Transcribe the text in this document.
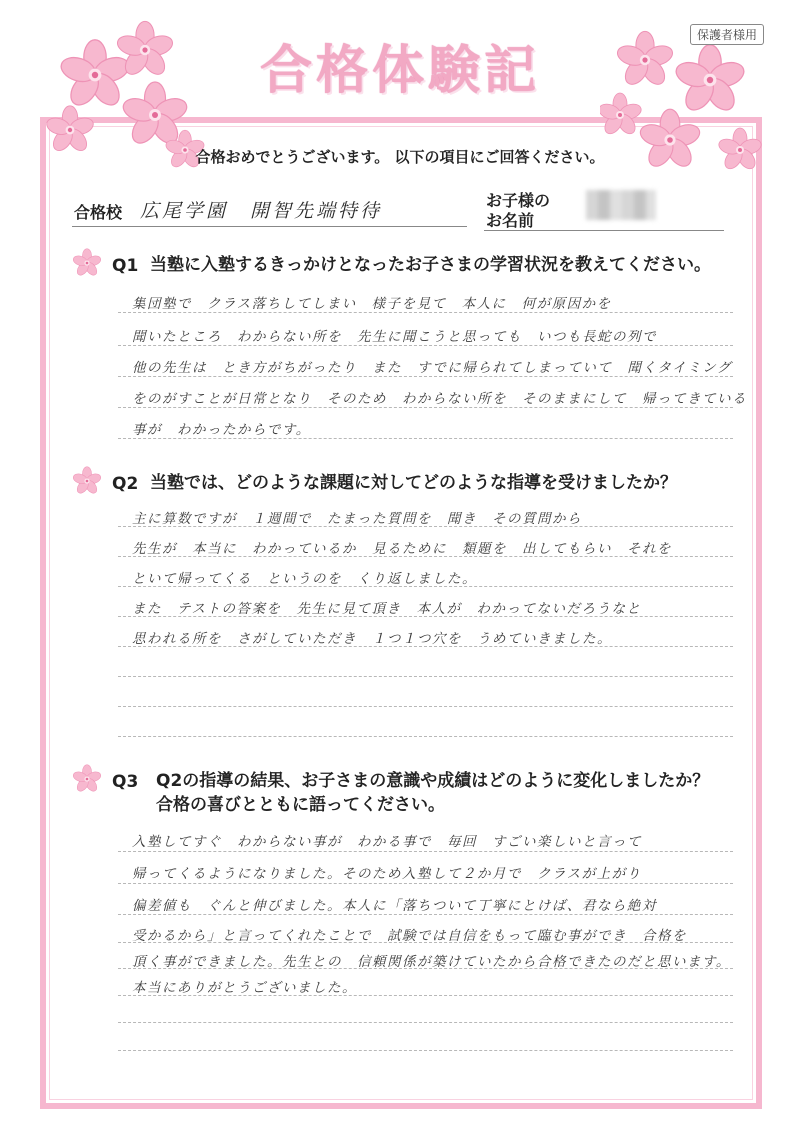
保護者様用
合格体験記
合格おめでとうございます。 以下の項目にご回答ください。
合格校 広尾学園　開智先端特待	お子様の
お名前
Q1 当塾に入塾するきっかけとなったお子さまの学習状況を教えてください。
集団塾で　クラス落ちしてしまい　様子を見て　本人に　何が原因かを
聞いたところ　わからない所を　先生に聞こうと思っても　いつも長蛇の列で
他の先生は　とき方がちがったり　また　すでに帰られてしまっていて　聞くタイミング
をのがすことが日常となり　そのため　わからない所を　そのままにして　帰ってきている
事が　わかったからです。
Q2 当塾では、どのような課題に対してどのような指導を受けましたか？
主に算数ですが　１週間で　たまった質問を　聞き　その質問から
先生が　本当に　わかっているか　見るために　類題を　出してもらい　それを
といて帰ってくる　というのを　くり返しました。
また　テストの答案を　先生に見て頂き　本人が　わかってないだろうなと
思われる所を　さがしていただき　１つ１つ穴を　うめていきました。
Q3 Q2の指導の結果、お子さまの意識や成績はどのように変化しましたか？
合格の喜びとともに語ってください。
入塾してすぐ　わからない事が　わかる事で　毎回　すごい楽しいと言って
帰ってくるようになりました。そのため入塾して２か月で　クラスが上がり
偏差値も　ぐんと伸びました。本人に「落ちついて丁寧にとけば、君なら絶対
受かるから」と言ってくれたことで　試験では自信をもって臨む事ができ　合格を
頂く事ができました。先生との　信頼関係が築けていたから合格できたのだと思います。
本当にありがとうございました。
